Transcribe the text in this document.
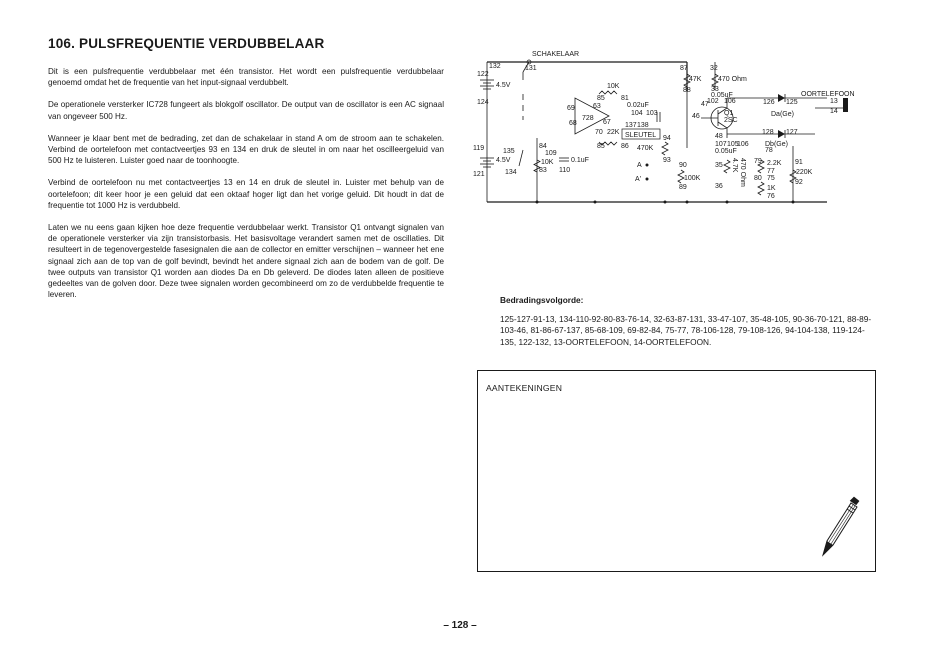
106. PULSFREQUENTIE VERDUBBELAAR

Dit is een pulsfrequentie verdubbelaar met één transistor. Het wordt een pulsfrequentie verdubbelaar genoemd omdat het de frequentie van het input-signaal verdubbelt.

De operationele versterker IC728 fungeert als blokgolf oscillator. De output van de oscillator is een AC signaal van ongeveer 500 Hz.

Wanneer je klaar bent met de bedrading, zet dan de schakelaar in stand A om de stroom aan te schakelen. Verbind de oortelefoon met contactveertjes 93 en 134 en druk de sleutel in om naar het oscilleergeluid van 500 Hz te luisteren. Luister goed naar de toonhoogte.

Verbind de oortelefoon nu met contactveertjes 13 en 14 en druk de sleutel in. Luister met behulp van de oortelefoon; dit keer hoor je een geluid dat een oktaaf hoger ligt dan het vorige geluid. Dit houdt in dat de frequentie tot 1000 Hz is verdubbeld.

Laten we nu eens gaan kijken hoe deze frequentie verdubbelaar werkt. Transistor Q1 ontvangt signalen van de operationele versterker via zijn transistorbasis. Het basisvoltage verandert samen met de oscillaties. Dit resulteert in de tegenovergestelde fasesignalen die aan de collector en emitter verschijnen – wanneer het ene signaal zich aan de top van de golf bevindt, bevindt het andere signaal zich aan de bodem van de golf. De twee outputs van transistor Q1 worden aan diodes Da en Db geleverd. De diodes laten alleen de positieve gedeeltes van de golven door. Deze twee signalen worden gecombineerd om zo de verdubbelde frequentie te leveren.

SCHAKELAAR
132	131
122
4.5V
124
119	135
4.5V
121	134
84
109
10K
83
0.1uF
110
728
69	63
68	67
70
10K
85 81
22K
85 86
0.02uF
104 103
137 138
SLEUTEL 94
470K
93
A
A'
87
47K
88
32
470 Ohm
33
47
46	Q1
2SC
48
0.05uF
102 106	126 125
Da(Ge)
128 127
Db(Ge)
107
0.05uF
105
106
78
2.2K
77
75
1K
76
79
80
91
220K
92
90
100K
89
35
36
4.7K 470 Ohm
OORTELEFOON
13
14

Bedradingsvolgorde:

125-127-91-13, 134-110-92-80-83-76-14, 32-63-87-131, 33-47-107, 35-48-105, 90-36-70-121, 88-89-103-46, 81-86-67-137, 85-68-109, 69-82-84, 75-77, 78-106-128, 79-108-126, 94-104-138, 119-124-135, 122-132, 13-OORTELEFOON, 14-OORTELEFOON.

AANTEKENINGEN
– 128 –
